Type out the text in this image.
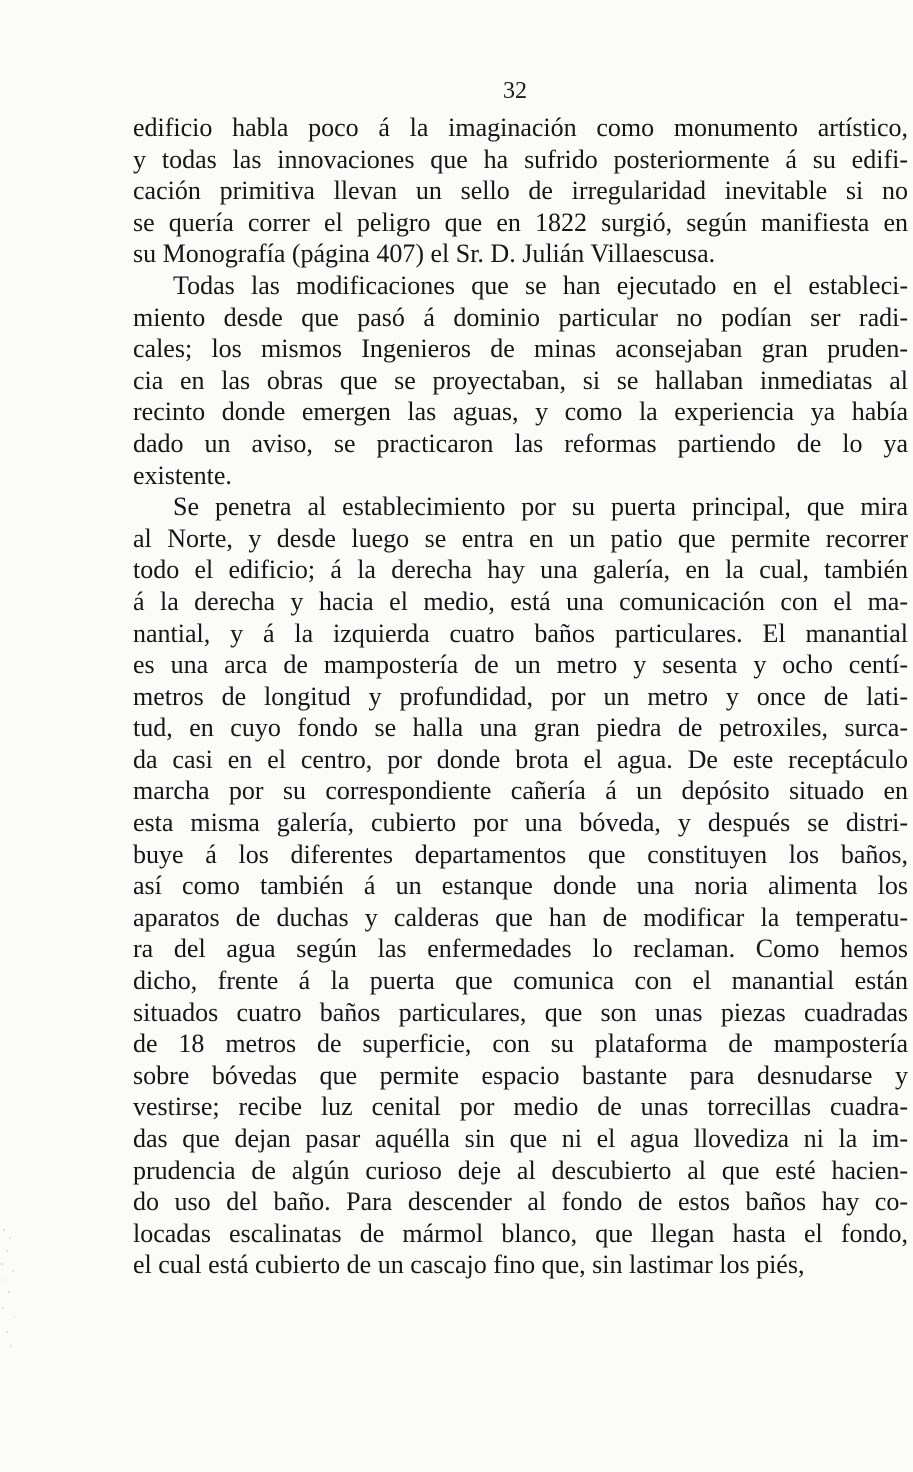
32

edificio habla poco á la imaginación como monumento artístico,
y todas las innovaciones que ha sufrido posteriormente á su edifi-
cación primitiva llevan un sello de irregularidad inevitable si no
se quería correr el peligro que en 1822 surgió, según manifiesta en
su Monografía (página 407) el Sr. D. Julián Villaescusa.

Todas las modificaciones que se han ejecutado en el estableci-
miento desde que pasó á dominio particular no podían ser radi-
cales; los mismos Ingenieros de minas aconsejaban gran pruden-
cia en las obras que se proyectaban, si se hallaban inmediatas al
recinto donde emergen las aguas, y como la experiencia ya había
dado un aviso, se practicaron las reformas partiendo de lo ya
existente.

Se penetra al establecimiento por su puerta principal, que mira
al Norte, y desde luego se entra en un patio que permite recorrer
todo el edificio; á la derecha hay una galería, en la cual, también
á la derecha y hacia el medio, está una comunicación con el ma-
nantial, y á la izquierda cuatro baños particulares. El manantial
es una arca de mampostería de un metro y sesenta y ocho centí-
metros de longitud y profundidad, por un metro y once de lati-
tud, en cuyo fondo se halla una gran piedra de petroxiles, surca-
da casi en el centro, por donde brota el agua. De este receptáculo
marcha por su correspondiente cañería á un depósito situado en
esta misma galería, cubierto por una bóveda, y después se distri-
buye á los diferentes departamentos que constituyen los baños,
así como también á un estanque donde una noria alimenta los
aparatos de duchas y calderas que han de modificar la temperatu-
ra del agua según las enfermedades lo reclaman. Como hemos
dicho, frente á la puerta que comunica con el manantial están
situados cuatro baños particulares, que son unas piezas cuadradas
de 18 metros de superficie, con su plataforma de mampostería
sobre bóvedas que permite espacio bastante para desnudarse y
vestirse; recibe luz cenital por medio de unas torrecillas cuadra-
das que dejan pasar aquélla sin que ni el agua llovediza ni la im-
prudencia de algún curioso deje al descubierto al que esté hacien-
do uso del baño. Para descender al fondo de estos baños hay co-
locadas escalinatas de mármol blanco, que llegan hasta el fondo,
el cual está cubierto de un cascajo fino que, sin lastimar los piés,
